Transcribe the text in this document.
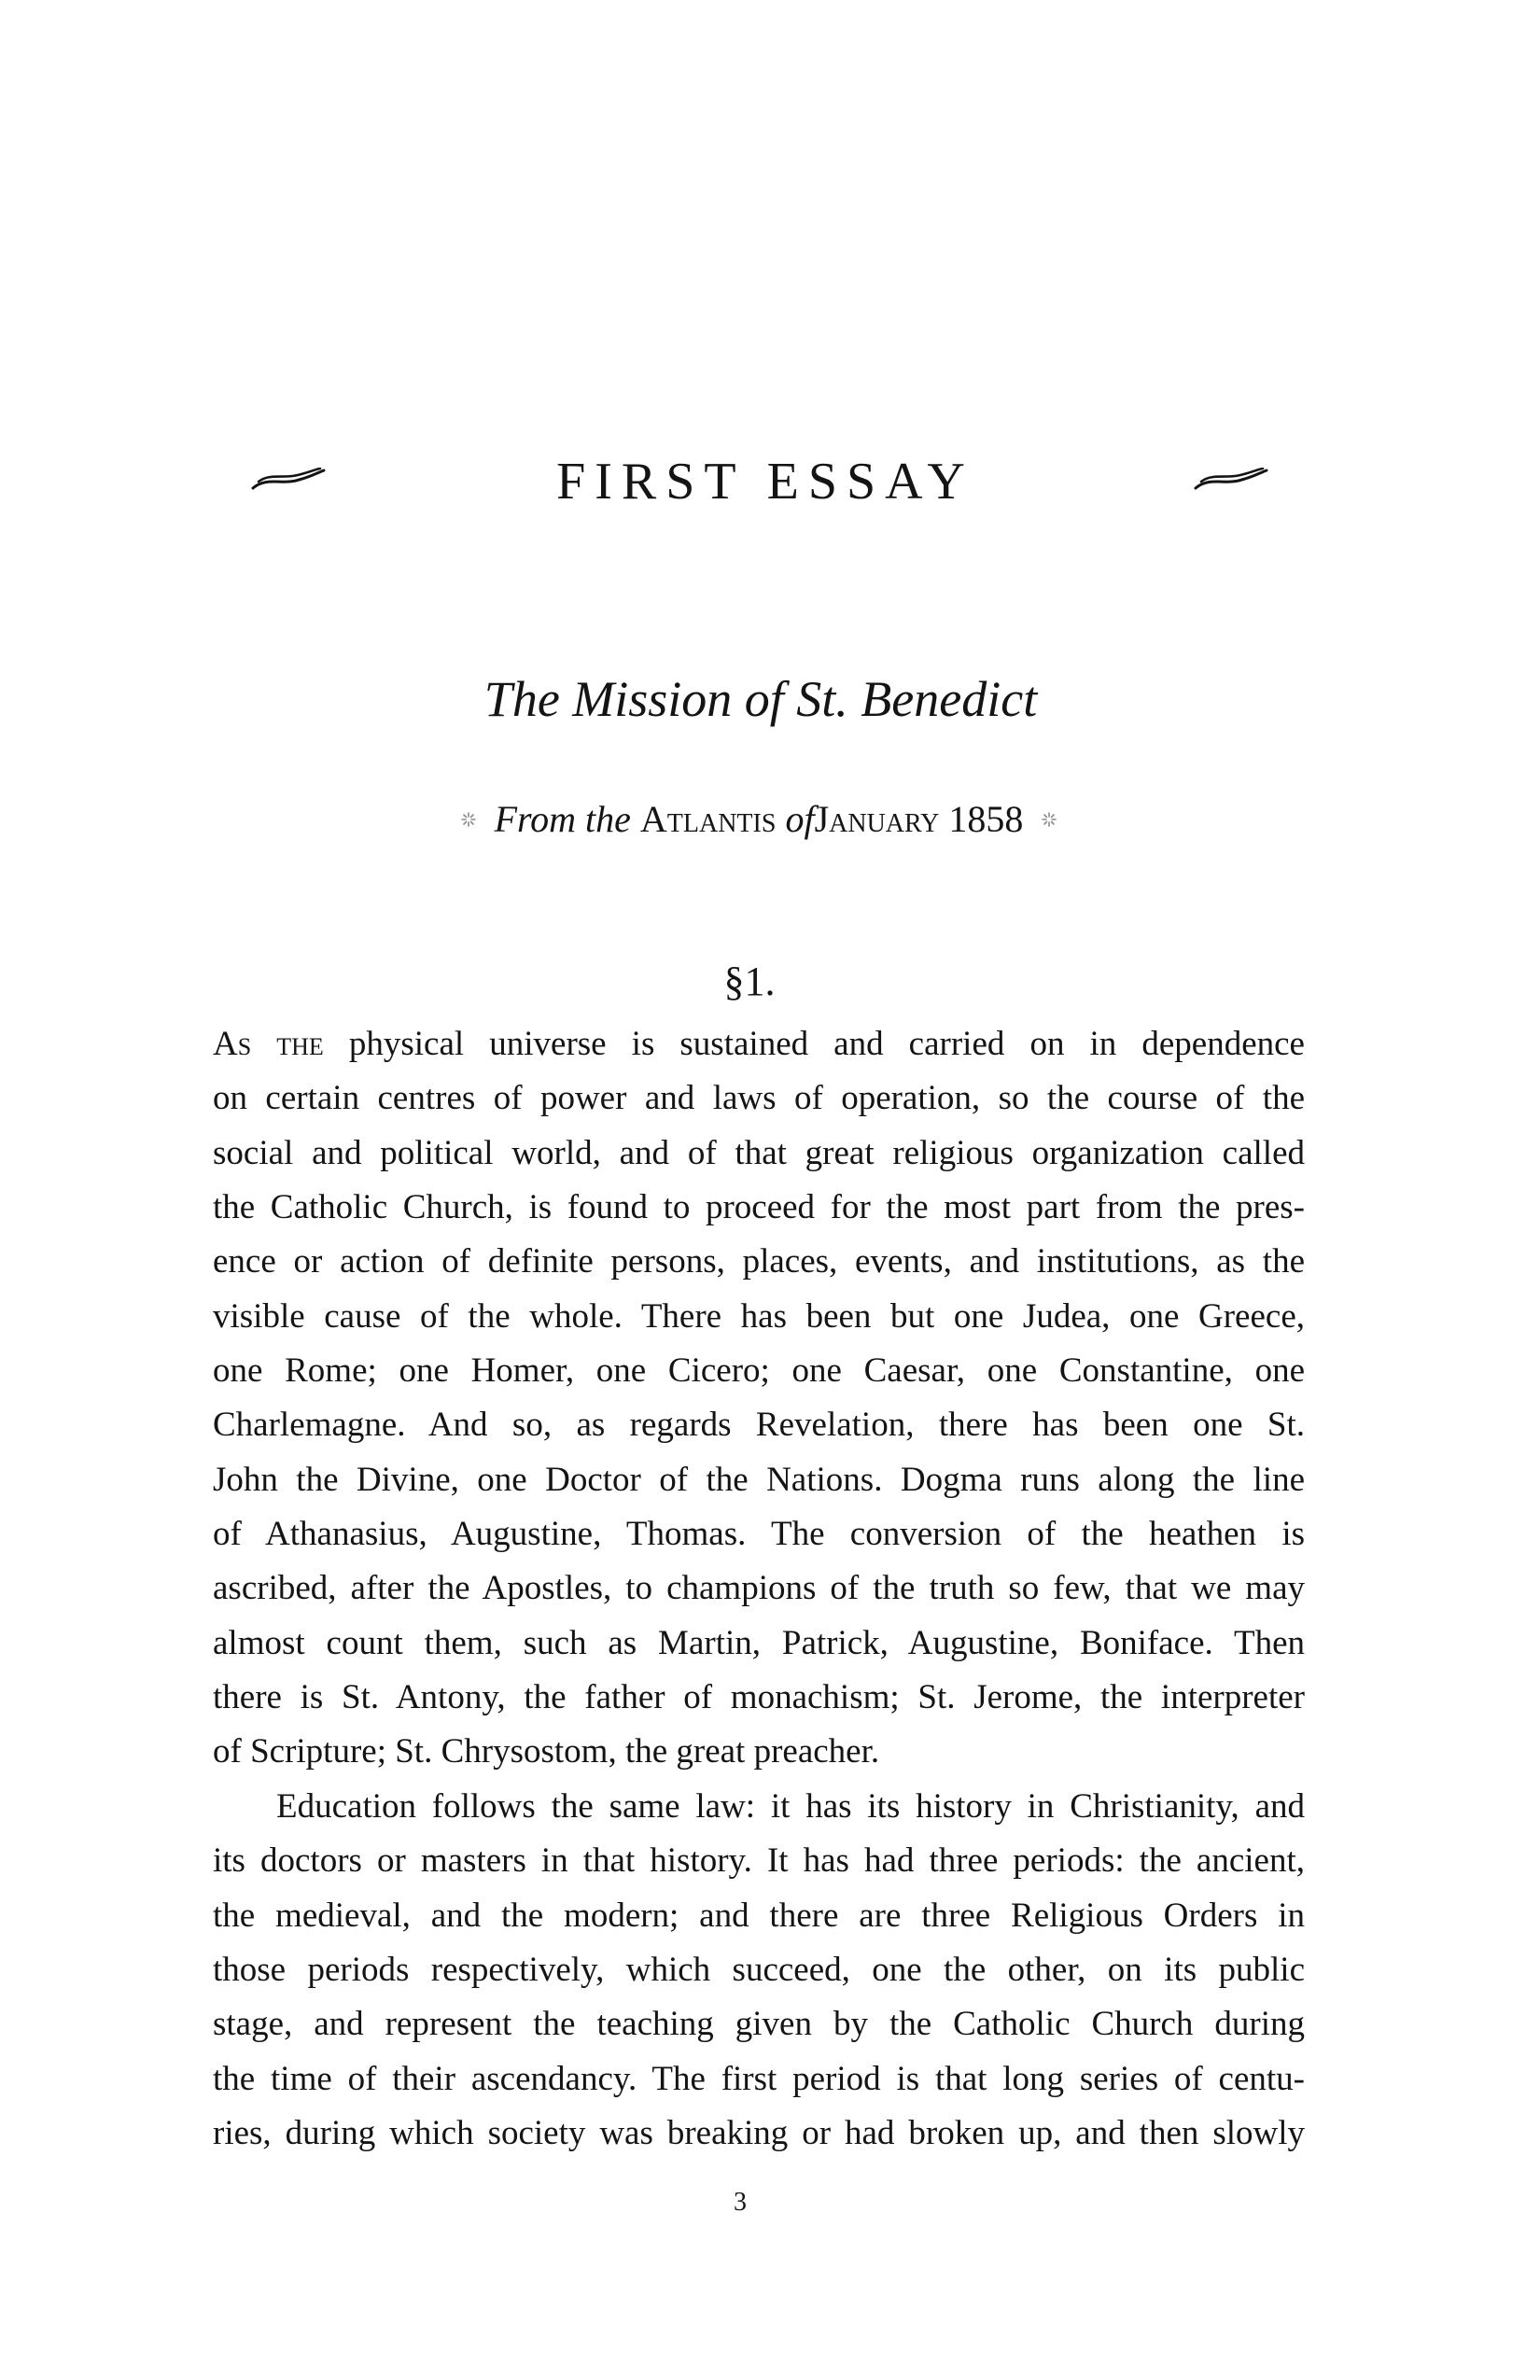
FIRST ESSAY
The Mission of St. Benedict
From the Atlantis ofJanuary 1858
§1.
As the physical universe is sustained and carried on in dependence
on certain centres of power and laws of operation, so the course of the
social and political world, and of that great religious organization called
the Catholic Church, is found to proceed for the most part from the pres-
ence or action of definite persons, places, events, and institutions, as the
visible cause of the whole. There has been but one Judea, one Greece,
one Rome; one Homer, one Cicero; one Caesar, one Constantine, one
Charlemagne. And so, as regards Revelation, there has been one St.
John the Divine, one Doctor of the Nations. Dogma runs along the line
of Athanasius, Augustine, Thomas. The conversion of the heathen is
ascribed, after the Apostles, to champions of the truth so few, that we may
almost count them, such as Martin, Patrick, Augustine, Boniface. Then
there is St. Antony, the father of monachism; St. Jerome, the interpreter
of Scripture; St. Chrysostom, the great preacher.
Education follows the same law: it has its history in Christianity, and
its doctors or masters in that history. It has had three periods: the ancient,
the medieval, and the modern; and there are three Religious Orders in
those periods respectively, which succeed, one the other, on its public
stage, and represent the teaching given by the Catholic Church during
the time of their ascendancy. The first period is that long series of centu-
ries, during which society was breaking or had broken up, and then slowly
3
